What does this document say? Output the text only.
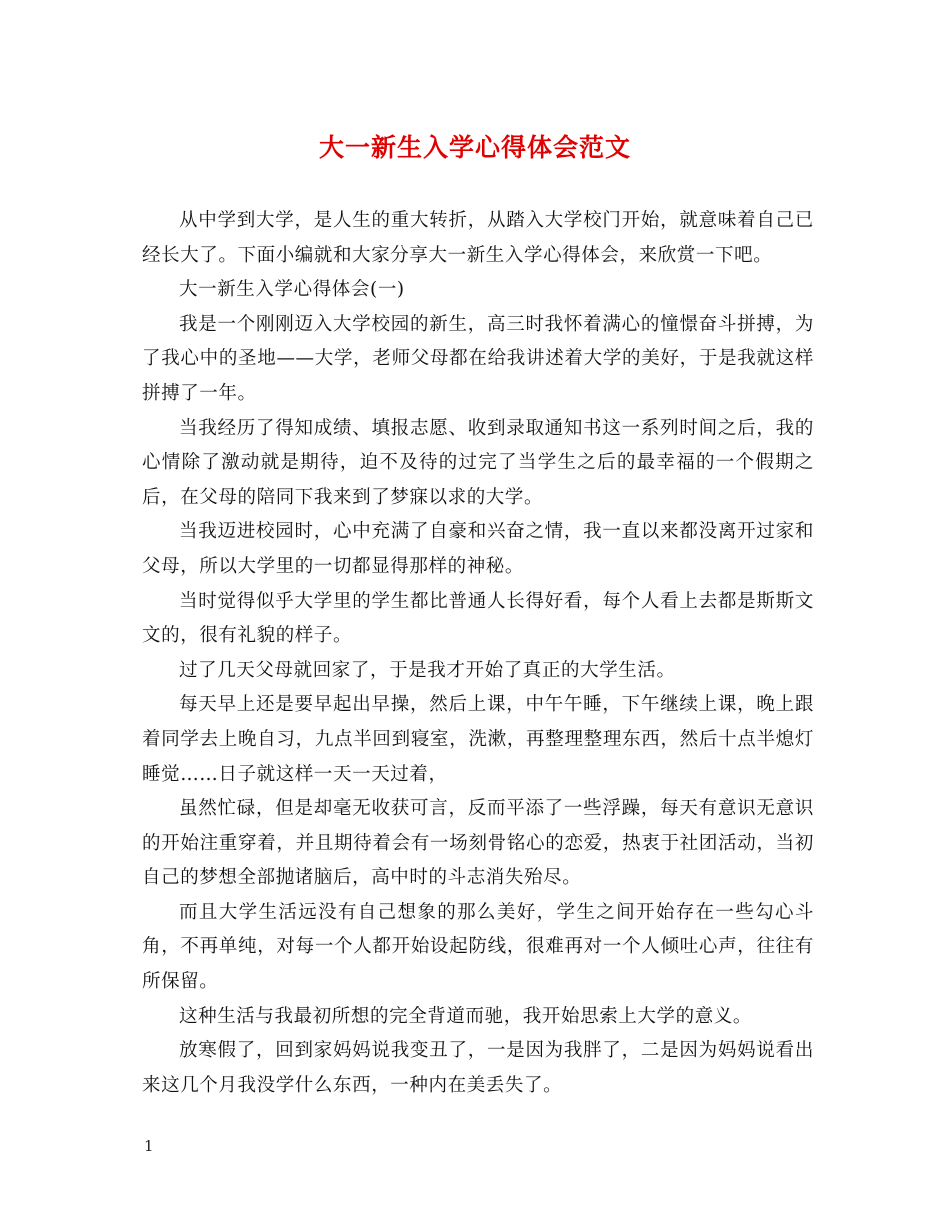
大一新生入学心得体会范文

从中学到大学，是人生的重大转折，从踏入大学校门开始，就意味着自己已经长大了。下面小编就和大家分享大一新生入学心得体会，来欣赏一下吧。

大一新生入学心得体会(一)

我是一个刚刚迈入大学校园的新生，高三时我怀着满心的憧憬奋斗拼搏，为了我心中的圣地——大学，老师父母都在给我讲述着大学的美好，于是我就这样拼搏了一年。

当我经历了得知成绩、填报志愿、收到录取通知书这一系列时间之后，我的心情除了激动就是期待，迫不及待的过完了当学生之后的最幸福的一个假期之后，在父母的陪同下我来到了梦寐以求的大学。

当我迈进校园时，心中充满了自豪和兴奋之情，我一直以来都没离开过家和父母，所以大学里的一切都显得那样的神秘。

当时觉得似乎大学里的学生都比普通人长得好看，每个人看上去都是斯斯文文的，很有礼貌的样子。

过了几天父母就回家了，于是我才开始了真正的大学生活。

每天早上还是要早起出早操，然后上课，中午午睡，下午继续上课，晚上跟着同学去上晚自习，九点半回到寝室，洗漱，再整理整理东西，然后十点半熄灯睡觉……日子就这样一天一天过着，

虽然忙碌，但是却毫无收获可言，反而平添了一些浮躁，每天有意识无意识的开始注重穿着，并且期待着会有一场刻骨铭心的恋爱，热衷于社团活动，当初自己的梦想全部抛诸脑后，高中时的斗志消失殆尽。

而且大学生活远没有自己想象的那么美好，学生之间开始存在一些勾心斗角，不再单纯，对每一个人都开始设起防线，很难再对一个人倾吐心声，往往有所保留。

这种生活与我最初所想的完全背道而驰，我开始思索上大学的意义。

放寒假了，回到家妈妈说我变丑了，一是因为我胖了，二是因为妈妈说看出来这几个月我没学什么东西，一种内在美丢失了。

1
